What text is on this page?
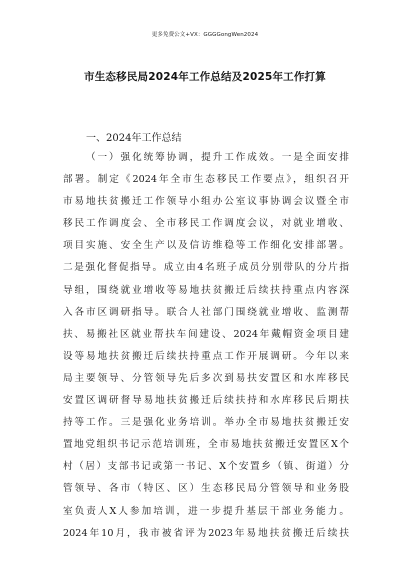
更多免费公文+VX：GGGGongWen2024
市生态移民局2024年工作总结及2025年工作打算
一、2024年工作总结
（一）强化统筹协调，提升工作成效。一是全面安排
部署。制定《2024年全市生态移民工作要点》，组织召开
市易地扶贫搬迁工作领导小组办公室议事协调会议暨全市
移民工作调度会、全市移民工作调度会议，对就业增收、
项目实施、安全生产以及信访维稳等工作细化安排部署。
二是强化督促指导。成立由4名班子成员分别带队的分片指
导组，围绕就业增收等易地扶贫搬迁后续扶持重点内容深
入各市区调研指导。联合人社部门围绕就业增收、监测帮
扶、易搬社区就业帮扶车间建设、2024年戴帽资金项目建
设等易地扶贫搬迁后续扶持重点工作开展调研。今年以来
局主要领导、分管领导先后多次到易扶安置区和水库移民
安置区调研督导易地扶贫搬迁后续扶持和水库移民后期扶
持等工作。三是强化业务培训。举办全市易地扶贫搬迁安
置地党组织书记示范培训班，全市易地扶贫搬迁安置区X个
村（居）支部书记或第一书记、X个安置乡（镇、街道）分
管领导、各市（特区、区）生态移民局分管领导和业务股
室负责人X人参加培训，进一步提升基层干部业务能力。
2024年10月，我市被省评为2023年易地扶贫搬迁后续扶
